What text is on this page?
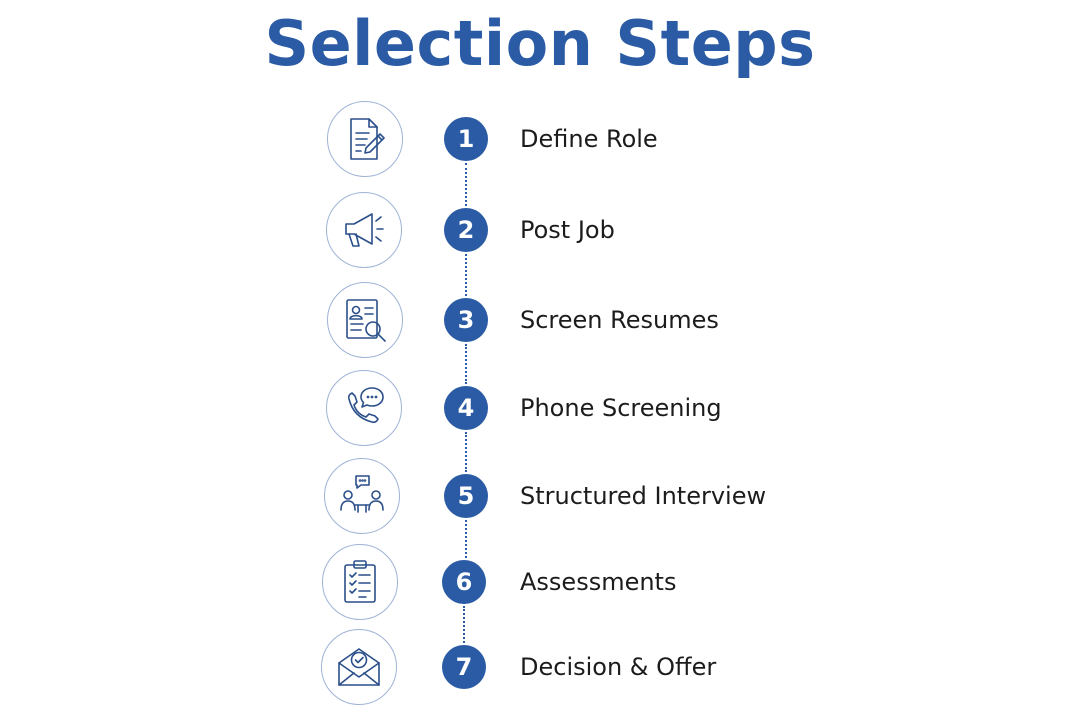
Selection Steps
1	Define Role
2	Post Job
3	Screen Resumes
4	Phone Screening
5	Structured Interview
6	Assessments
7	Decision & Offer
